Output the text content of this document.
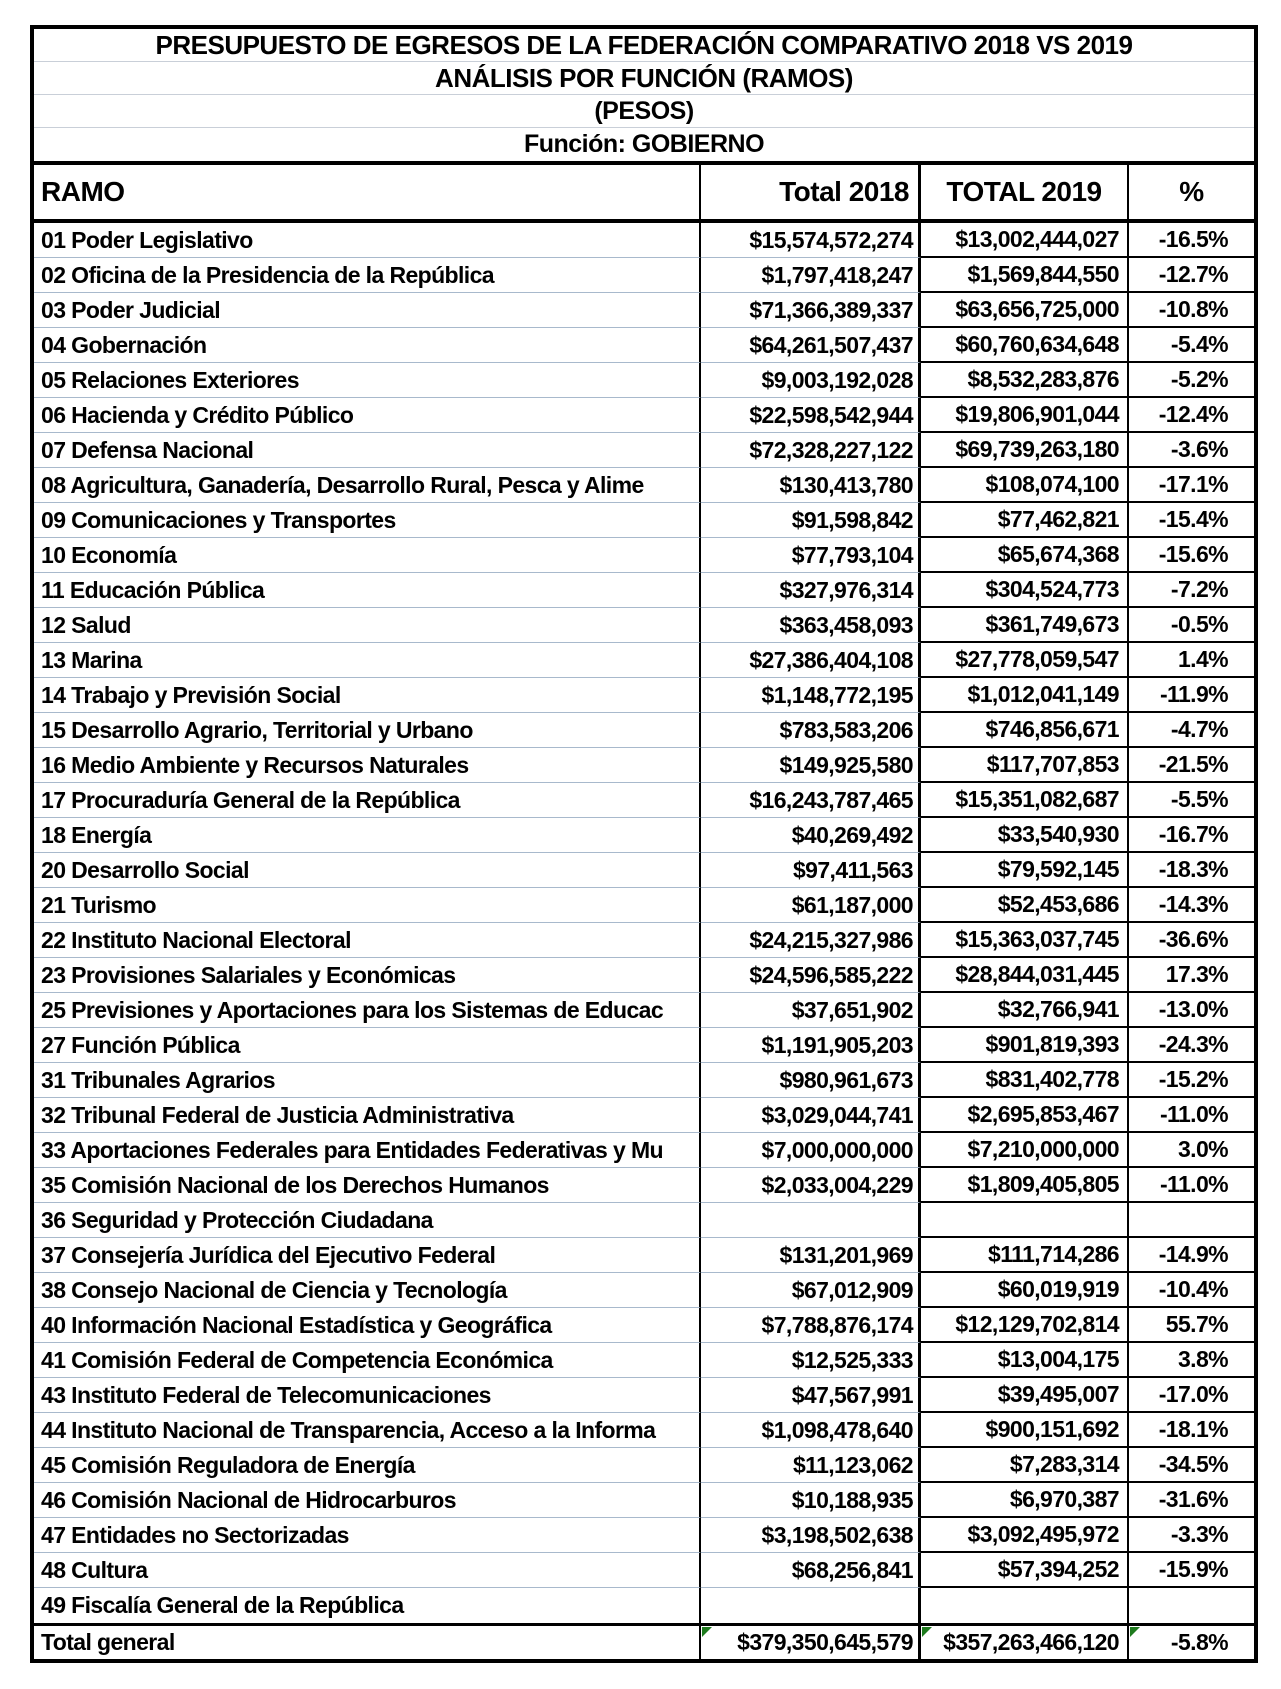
PRESUPUESTO DE EGRESOS DE LA FEDERACIÓN COMPARATIVO 2018 VS 2019
ANÁLISIS POR FUNCIÓN (RAMOS)
(PESOS)
Función: GOBIERNO
RAMO	Total 2018	TOTAL 2019	%
01 Poder Legislativo	$15,574,572,274	$13,002,444,027	-16.5%
02 Oficina de la Presidencia de la República	$1,797,418,247	$1,569,844,550	-12.7%
03 Poder Judicial	$71,366,389,337	$63,656,725,000	-10.8%
04 Gobernación	$64,261,507,437	$60,760,634,648	-5.4%
05 Relaciones Exteriores	$9,003,192,028	$8,532,283,876	-5.2%
06 Hacienda y Crédito Público	$22,598,542,944	$19,806,901,044	-12.4%
07 Defensa Nacional	$72,328,227,122	$69,739,263,180	-3.6%
08 Agricultura, Ganadería, Desarrollo Rural, Pesca y Alime	$130,413,780	$108,074,100	-17.1%
09 Comunicaciones y Transportes	$91,598,842	$77,462,821	-15.4%
10 Economía	$77,793,104	$65,674,368	-15.6%
11 Educación Pública	$327,976,314	$304,524,773	-7.2%
12 Salud	$363,458,093	$361,749,673	-0.5%
13 Marina	$27,386,404,108	$27,778,059,547	1.4%
14 Trabajo y Previsión Social	$1,148,772,195	$1,012,041,149	-11.9%
15 Desarrollo Agrario, Territorial y Urbano	$783,583,206	$746,856,671	-4.7%
16 Medio Ambiente y Recursos Naturales	$149,925,580	$117,707,853	-21.5%
17 Procuraduría General de la República	$16,243,787,465	$15,351,082,687	-5.5%
18 Energía	$40,269,492	$33,540,930	-16.7%
20 Desarrollo Social	$97,411,563	$79,592,145	-18.3%
21 Turismo	$61,187,000	$52,453,686	-14.3%
22 Instituto Nacional Electoral	$24,215,327,986	$15,363,037,745	-36.6%
23 Provisiones Salariales y Económicas	$24,596,585,222	$28,844,031,445	17.3%
25 Previsiones y Aportaciones para los Sistemas de Educac	$37,651,902	$32,766,941	-13.0%
27 Función Pública	$1,191,905,203	$901,819,393	-24.3%
31 Tribunales Agrarios	$980,961,673	$831,402,778	-15.2%
32 Tribunal Federal de Justicia Administrativa	$3,029,044,741	$2,695,853,467	-11.0%
33 Aportaciones Federales para Entidades Federativas y Mu	$7,000,000,000	$7,210,000,000	3.0%
35 Comisión Nacional de los Derechos Humanos	$2,033,004,229	$1,809,405,805	-11.0%
36 Seguridad y Protección Ciudadana
37 Consejería Jurídica del Ejecutivo Federal	$131,201,969	$111,714,286	-14.9%
38 Consejo Nacional de Ciencia y Tecnología	$67,012,909	$60,019,919	-10.4%
40 Información Nacional Estadística y Geográfica	$7,788,876,174	$12,129,702,814	55.7%
41 Comisión Federal de Competencia Económica	$12,525,333	$13,004,175	3.8%
43 Instituto Federal de Telecomunicaciones	$47,567,991	$39,495,007	-17.0%
44 Instituto Nacional de Transparencia, Acceso a la Informa	$1,098,478,640	$900,151,692	-18.1%
45 Comisión Reguladora de Energía	$11,123,062	$7,283,314	-34.5%
46 Comisión Nacional de Hidrocarburos	$10,188,935	$6,970,387	-31.6%
47 Entidades no Sectorizadas	$3,198,502,638	$3,092,495,972	-3.3%
48 Cultura	$68,256,841	$57,394,252	-15.9%
49 Fiscalía General de la República
Total general	$379,350,645,579 $357,263,466,120 -5.8%
